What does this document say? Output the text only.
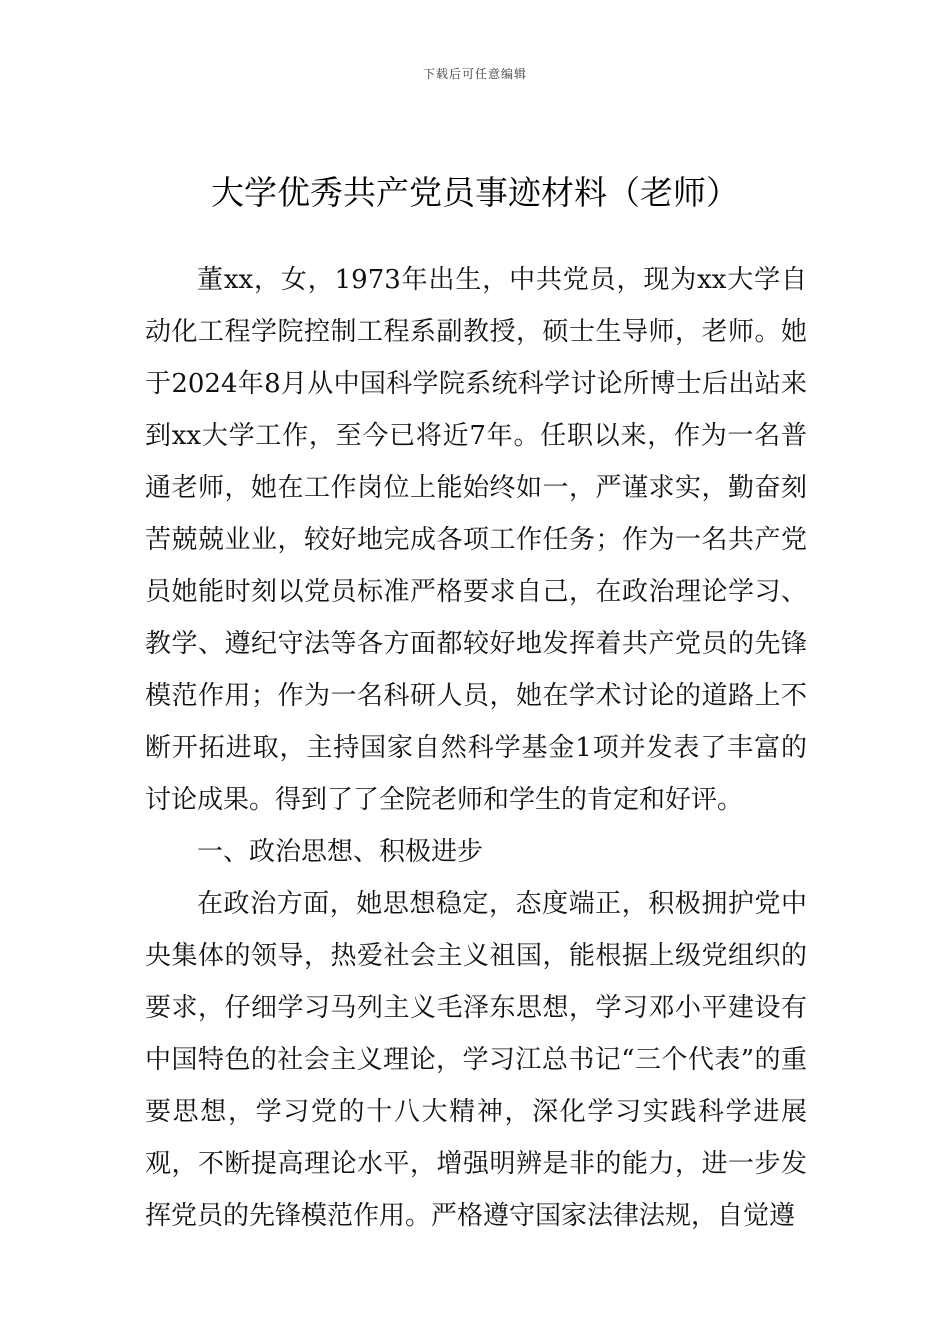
下载后可任意编辑
大学优秀共产党员事迹材料（老师）

董xx，女，1973年出生，中共党员，现为xx大学自动化工程学院控制工程系副教授，硕士生导师，老师。她于2024年8月从中国科学院系统科学讨论所博士后出站来到xx大学工作，至今已将近7年。任职以来，作为一名普通老师，她在工作岗位上能始终如一，严谨求实，勤奋刻苦兢兢业业，较好地完成各项工作任务；作为一名共产党员她能时刻以党员标准严格要求自己，在政治理论学习、教学、遵纪守法等各方面都较好地发挥着共产党员的先锋模范作用；作为一名科研人员，她在学术讨论的道路上不断开拓进取，主持国家自然科学基金1项并发表了丰富的讨论成果。得到了了全院老师和学生的肯定和好评。

一、政治思想、积极进步

在政治方面，她思想稳定，态度端正，积极拥护党中央集体的领导，热爱社会主义祖国，能根据上级党组织的要求，仔细学习马列主义毛泽东思想，学习邓小平建设有中国特色的社会主义理论，学习江总书记“三个代表”的重要思想，学习党的十八大精神，深化学习实践科学进展观，不断提高理论水平，增强明辨是非的能力，进一步发挥党员的先锋模范作用。严格遵守国家法律法规，自觉遵
